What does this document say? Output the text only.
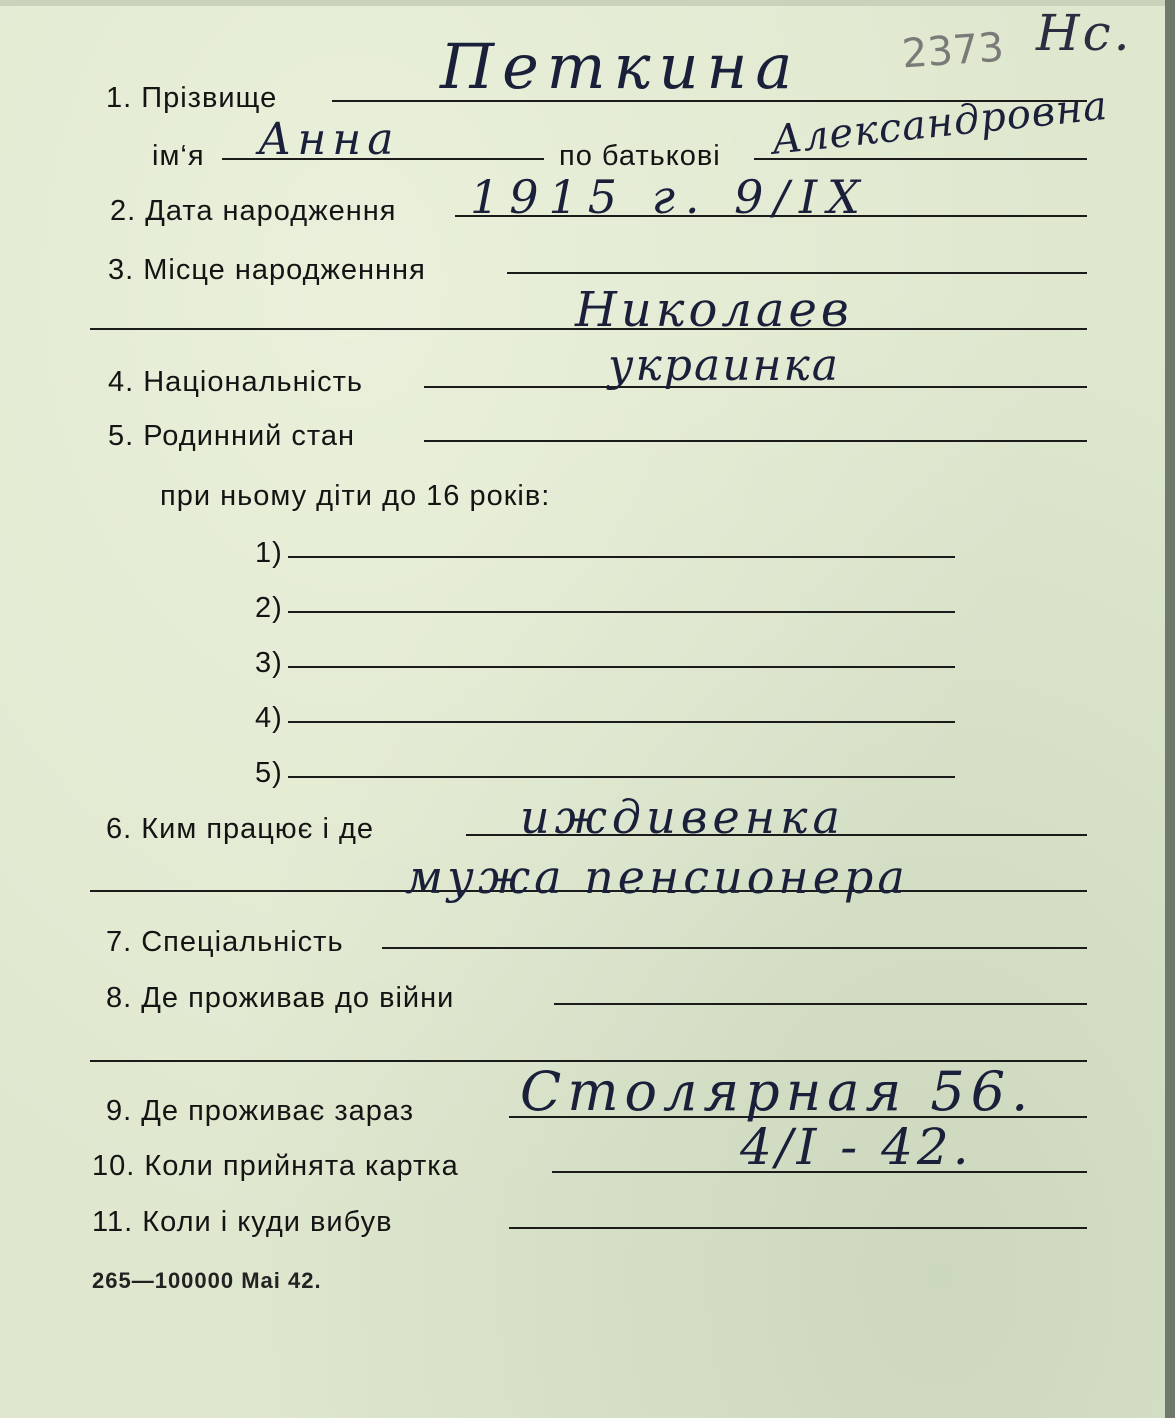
2373 Нс.
1. Прізвище	Петкина
ім‘я Анна	по батькові Александровна
2. Дата народження 1915 г. 9/IX
3. Місце народженння
Николаев
4. Національність	украинка
5. Родинний стан
при ньому діти до 16 років:
1)
2)
3)
4)
5)
6. Ким працює і де	иждивенка
мужа пенсионера
7. Спеціальність
8. Де проживав до війни
9. Де проживає зараз Столярная 56.
10. Коли прийнята картка	4/I - 42.
11. Коли і куди вибув
265—100000 Mai 42.
